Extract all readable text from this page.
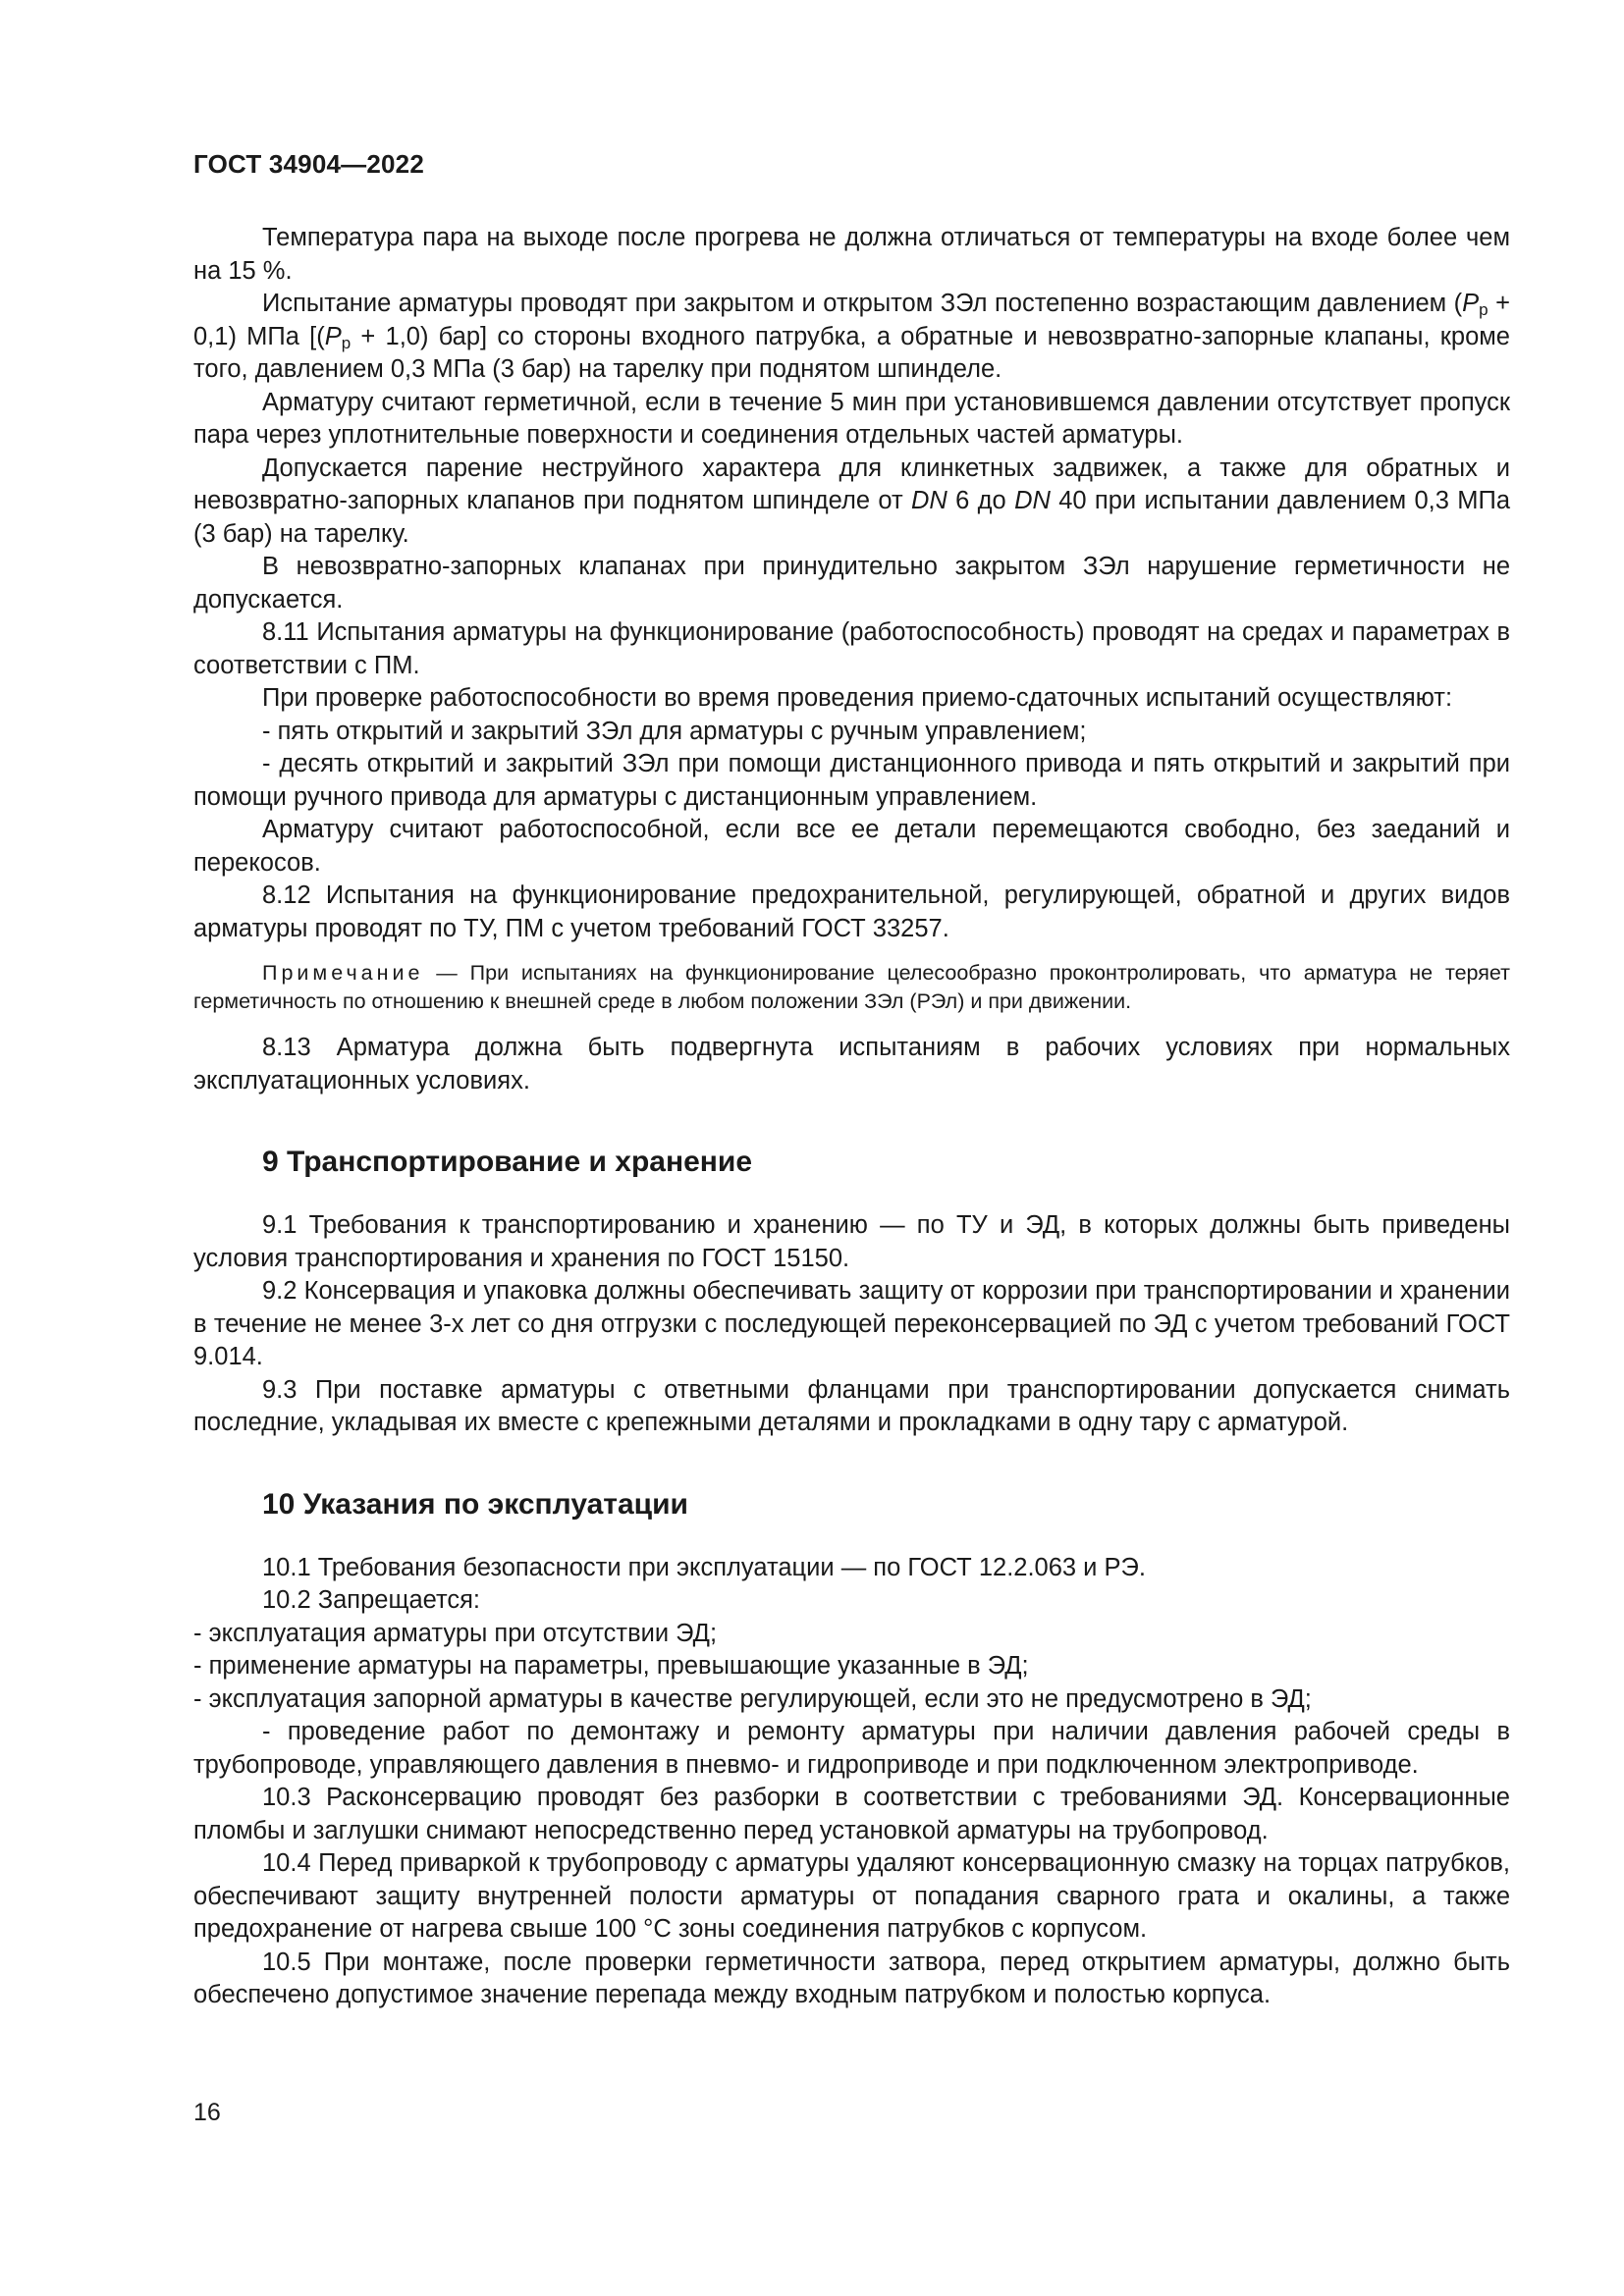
ГОСТ 34904—2022

Температура пара на выходе после прогрева не должна отличаться от температуры на входе более чем на 15 %.

Испытание арматуры проводят при закрытом и открытом ЗЭл постепенно возрастающим давлением $(P_р + 0,1)$ МПа [$(P_р + 1,0)$ бар] со стороны входного патрубка, а обратные и невозвратно-запорные клапаны, кроме того, давлением 0,3 МПа (3 бар) на тарелку при поднятом шпинделе.

Арматуру считают герметичной, если в течение 5 мин при установившемся давлении отсутствует пропуск пара через уплотнительные поверхности и соединения отдельных частей арматуры.

Допускается парение неструйного характера для клинкетных задвижек, а также для обратных и невозвратно-запорных клапанов при поднятом шпинделе от DN 6 до DN 40 при испытании давлением 0,3 МПа (3 бар) на тарелку.

В невозвратно-запорных клапанах при принудительно закрытом ЗЭл нарушение герметичности не допускается.

8.11 Испытания арматуры на функционирование (работоспособность) проводят на средах и параметрах в соответствии с ПМ.

При проверке работоспособности во время проведения приемо-сдаточных испытаний осуществляют:

- пять открытий и закрытий ЗЭл для арматуры с ручным управлением;

- десять открытий и закрытий ЗЭл при помощи дистанционного привода и пять открытий и закрытий при помощи ручного привода для арматуры с дистанционным управлением.

Арматуру считают работоспособной, если все ее детали перемещаются свободно, без заеданий и перекосов.

8.12 Испытания на функционирование предохранительной, регулирующей, обратной и других видов арматуры проводят по ТУ, ПМ с учетом требований ГОСТ 33257.

Примечание — При испытаниях на функционирование целесообразно проконтролировать, что арматура не теряет герметичность по отношению к внешней среде в любом положении ЗЭл (РЭл) и при движении.

8.13 Арматура должна быть подвергнута испытаниям в рабочих условиях при нормальных эксплуатационных условиях.

9 Транспортирование и хранение

9.1 Требования к транспортированию и хранению — по ТУ и ЭД, в которых должны быть приведены условия транспортирования и хранения по ГОСТ 15150.

9.2 Консервация и упаковка должны обеспечивать защиту от коррозии при транспортировании и хранении в течение не менее 3-х лет со дня отгрузки с последующей переконсервацией по ЭД с учетом требований ГОСТ 9.014.

9.3 При поставке арматуры с ответными фланцами при транспортировании допускается снимать последние, укладывая их вместе с крепежными деталями и прокладками в одну тару с арматурой.

10 Указания по эксплуатации

10.1 Требования безопасности при эксплуатации — по ГОСТ 12.2.063 и РЭ.

10.2 Запрещается:

- эксплуатация арматуры при отсутствии ЭД;

- применение арматуры на параметры, превышающие указанные в ЭД;

- эксплуатация запорной арматуры в качестве регулирующей, если это не предусмотрено в ЭД;

- проведение работ по демонтажу и ремонту арматуры при наличии давления рабочей среды в трубопроводе, управляющего давления в пневмо- и гидроприводе и при подключенном электроприводе.

10.3 Расконсервацию проводят без разборки в соответствии с требованиями ЭД. Консервационные пломбы и заглушки снимают непосредственно перед установкой арматуры на трубопровод.

10.4 Перед приваркой к трубопроводу с арматуры удаляют консервационную смазку на торцах патрубков, обеспечивают защиту внутренней полости арматуры от попадания сварного грата и окалины, а также предохранение от нагрева свыше 100 °С зоны соединения патрубков с корпусом.

10.5 При монтаже, после проверки герметичности затвора, перед открытием арматуры, должно быть обеспечено допустимое значение перепада между входным патрубком и полостью корпуса.

16
